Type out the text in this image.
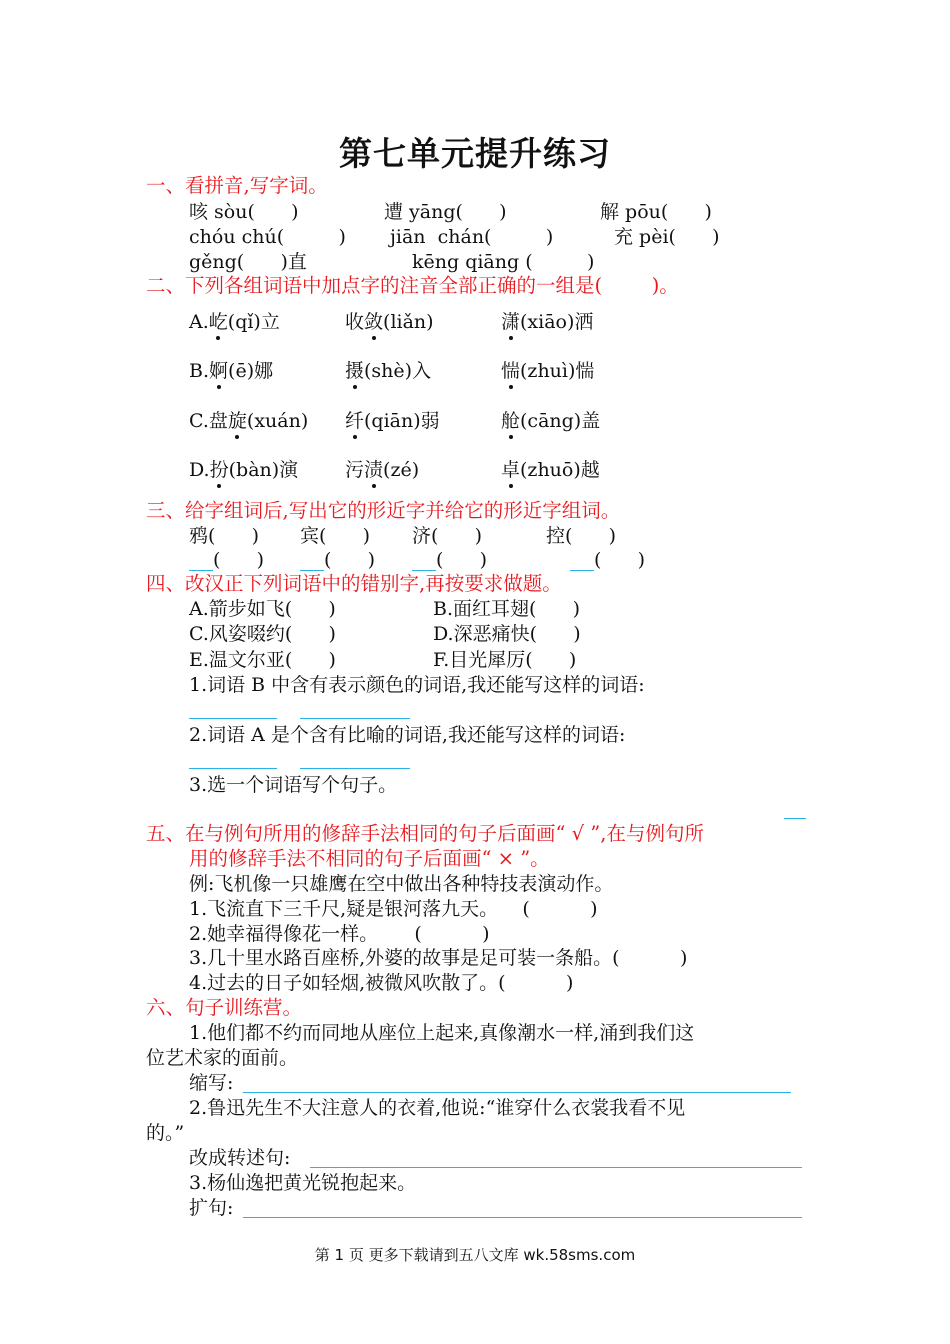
第七单元提升练习
一、看拼音,写字词。
咳 sòu(      )	遭 yāng(      )	解 pōu(      )
chóu chú(         ) jiān  chán(         )	充 pèi(      )
gěng(      )直	kēng qiāng (         )
二、下列各组词语中加点字的注音全部正确的一组是(        )。
A.屹(qǐ)立	收敛(liǎn)	潇(xiāo)洒
B.婀(ē)娜	摄(shè)入	惴(zhuì)惴
C.盘旋(xuán) 纤(qiān)弱	舱(cāng)盖
D.扮(bàn)演 污渍(zé)	卓(zhuō)越
三、给字组词后,写出它的形近字并给它的形近字组词。
鸦(      ) 宾(      ) 济(      )	控(      )
(      )	(      )	(      )	(      )
四、改汉正下列词语中的错别字,再按要求做题。
A.箭步如飞(      )	B.面红耳翅(      )
C.风姿啜约(      )	D.深恶痛快(      )
E.温文尔亚(      )	F.目光犀厉(      )
1.词语 B 中含有表示颜色的词语,我还能写这样的词语:
2.词语 A 是个含有比喻的词语,我还能写这样的词语:
3.选一个词语写个句子。
五、在与例句所用的修辞手法相同的句子后面画“ √ ”,在与例句所
用的修辞手法不相同的句子后面画“ × ”。
例:飞机像一只雄鹰在空中做出各种特技表演动作。
1.飞流直下三千尺,疑是银河落九天。    (          )
2.她幸福得像花一样。      (          )
3.几十里水路百座桥,外婆的故事是足可装一条船。(          )
4.过去的日子如轻烟,被微风吹散了。(          )
六、句子训练营。
1.他们都不约而同地从座位上起来,真像潮水一样,涌到我们这
位艺术家的面前。
缩写:
2.鲁迅先生不大注意人的衣着,他说:“谁穿什么衣裳我看不见
的。”
改成转述句:
3.杨仙逸把黄光锐抱起来。
扩句:
第 1 页 更多下载请到五八文库 wk.58sms.com
